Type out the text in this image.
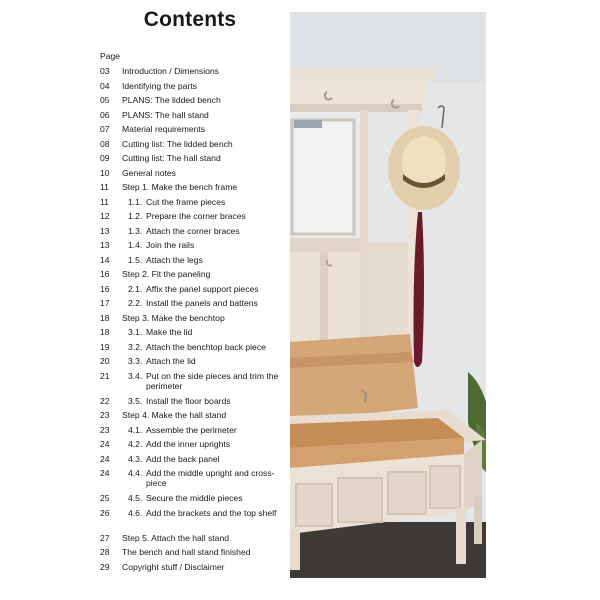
Contents
Page
03	Introduction / Dimensions
04	Identifying the parts
05	PLANS: The lidded bench
06	PLANS: The hall stand
07	Material requirements
08	Cutting list: The lidded bench
09	Cutting list: The hall stand
10	General notes
11	Step 1. Make the bench frame
11	1.1. Cut the frame pieces
12	1.2. Prepare the corner braces
13	1.3. Attach the corner braces
13	1.4. Join the rails
14	1.5. Attach the legs
16	Step 2. Fit the paneling
16	2.1. Affix the panel support pieces
17	2.2. Install the panels and battens
18	Step 3. Make the benchtop
18	3.1. Make the lid
19	3.2. Attach the benchtop back piece
20	3.3. Attach the lid
21	3.4. Put on the side pieces and trim the perimeter
22	3.5. Install the floor boards
23	Step 4. Make the hall stand
23	4.1. Assemble the perimeter
24	4.2. Add the inner uprights
24	4.3. Add the back panel
24	4.4. Add the middle upright and cross-piece
25	4.5. Secure the middle pieces
26	4.6. Add the brackets and the top shelf
27	Step 5. Attach the hall stand
28	The bench and hall stand finished
29	Copyright stuff / Disclaimer
